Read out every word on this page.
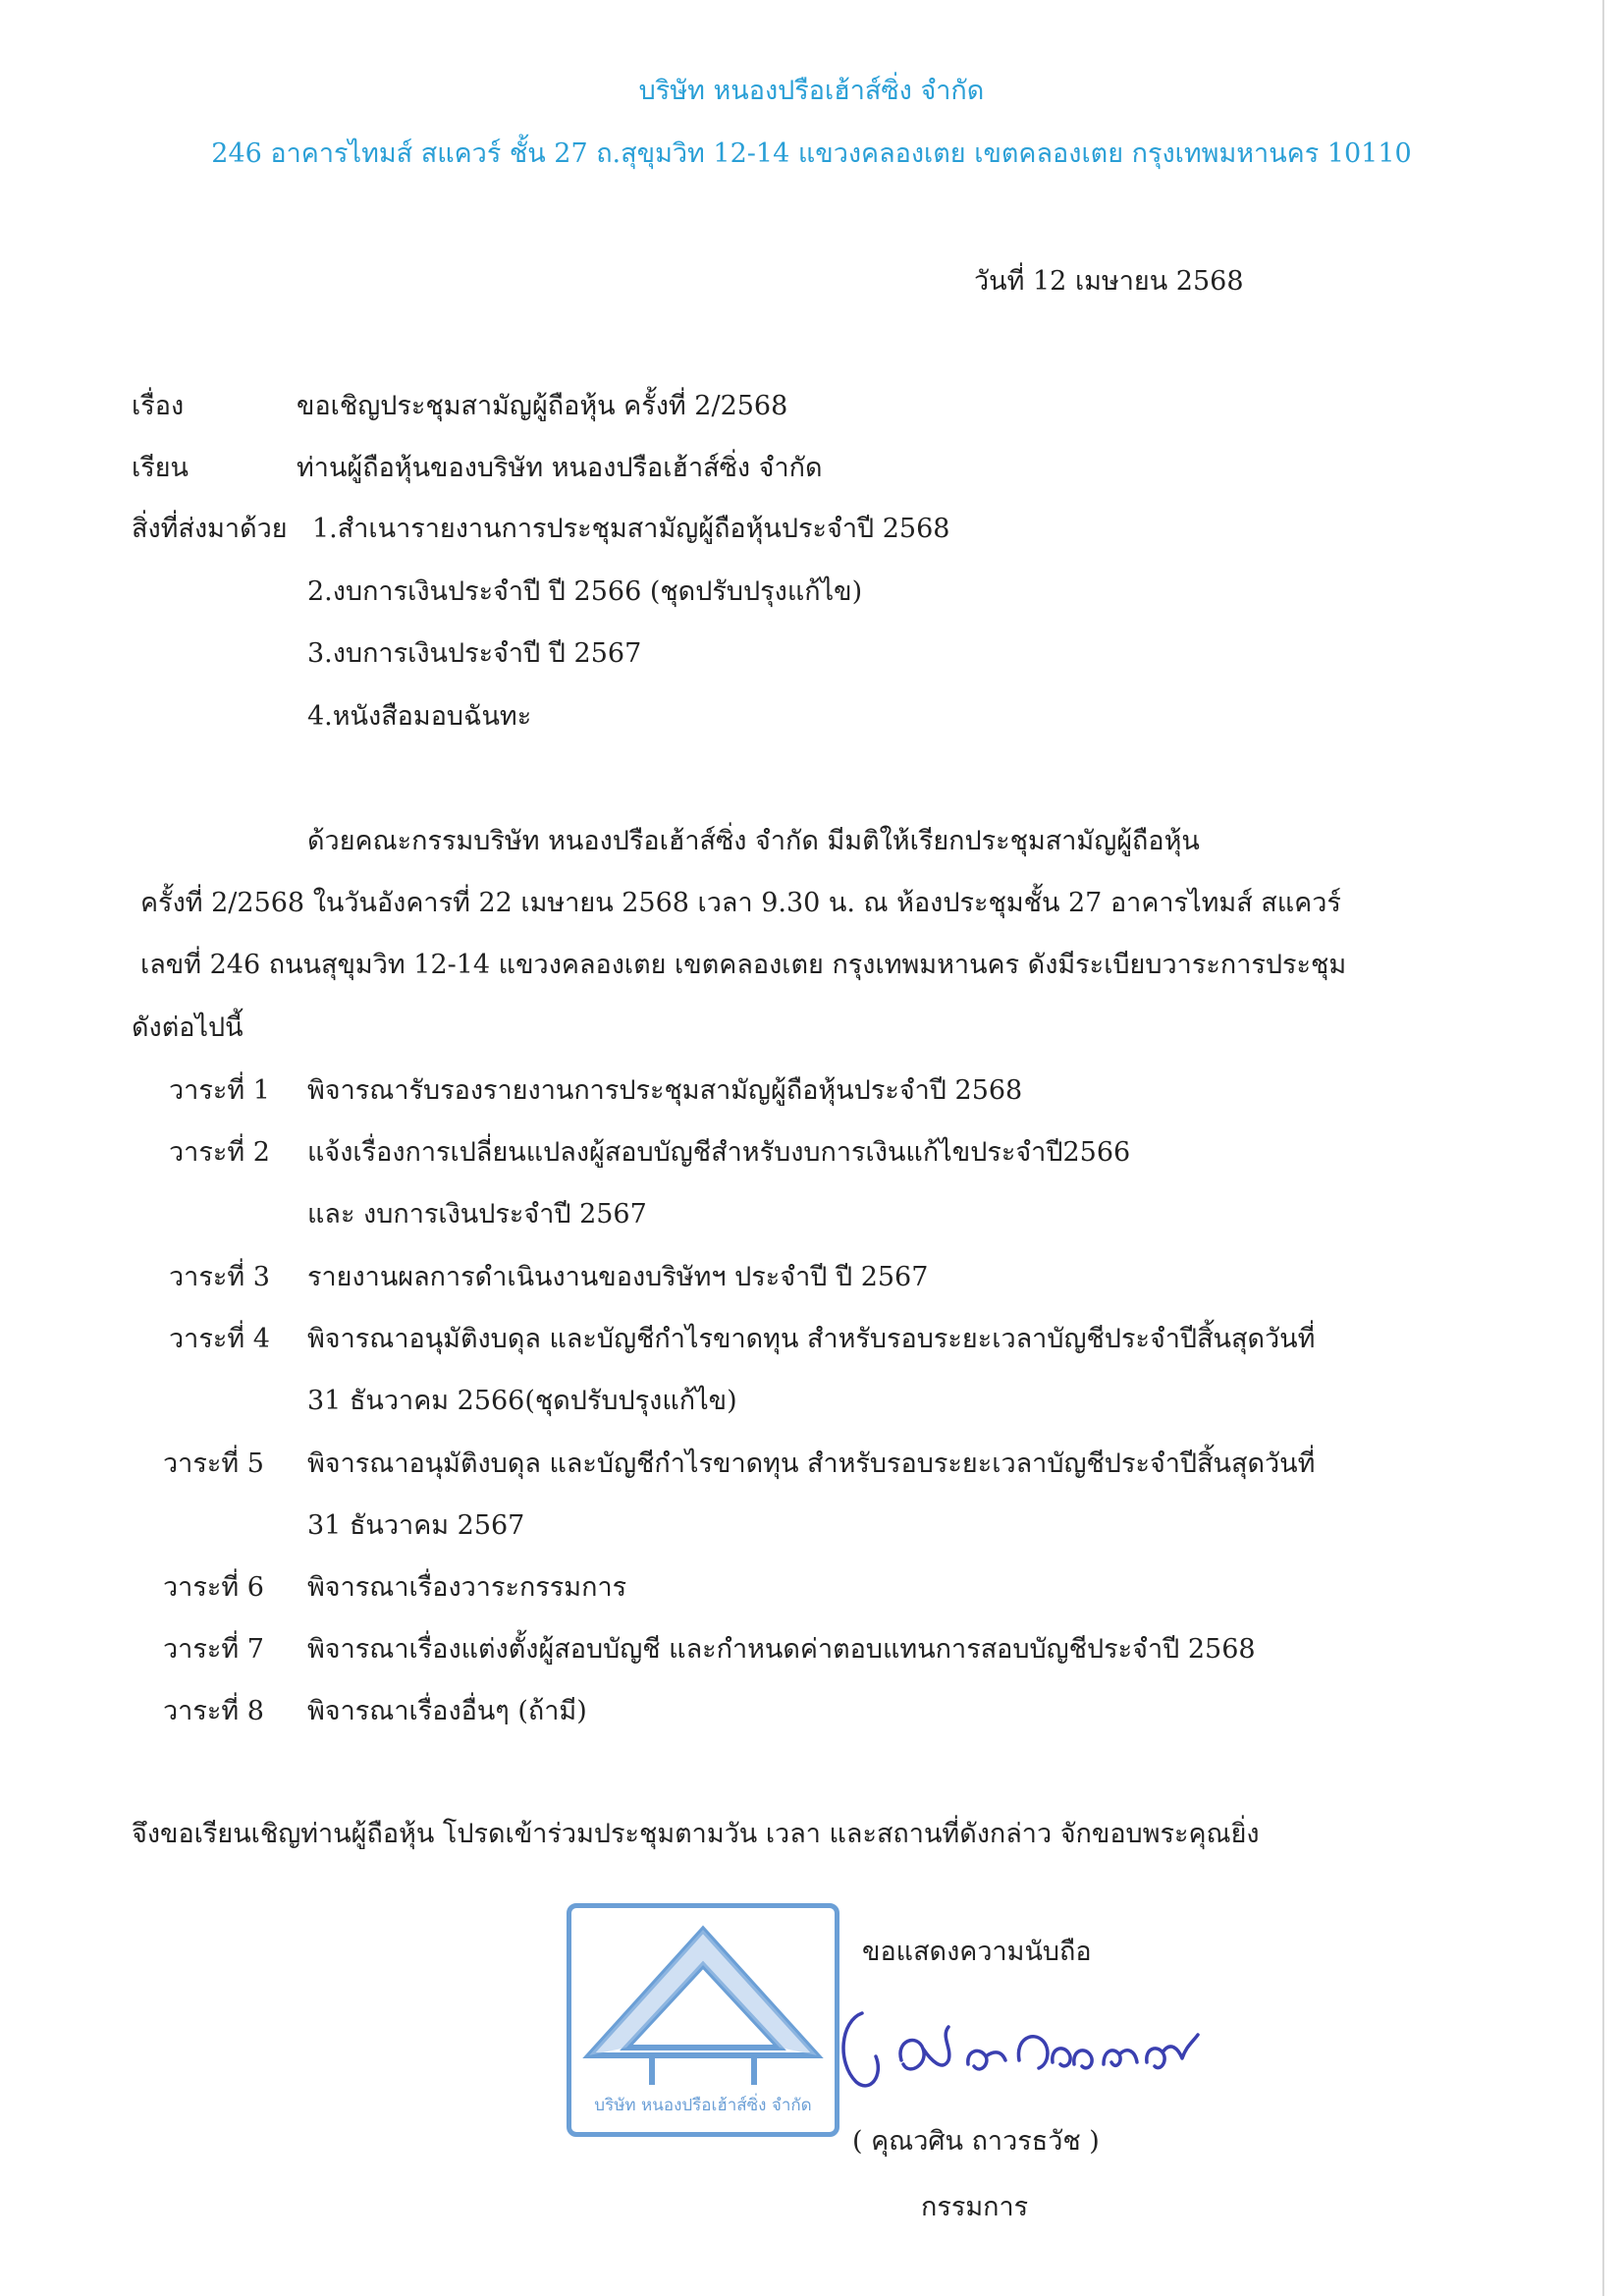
บริษัท หนองปรือเฮ้าส์ซิ่ง จำกัด
246 อาคารไทมส์ สแควร์ ชั้น 27 ถ.สุขุมวิท 12-14 แขวงคลองเตย เขตคลองเตย กรุงเทพมหานคร 10110
วันที่ 12 เมษายน 2568
เรื่อง	ขอเชิญประชุมสามัญผู้ถือหุ้น ครั้งที่ 2/2568
เรียน	ท่านผู้ถือหุ้นของบริษัท หนองปรือเฮ้าส์ซิ่ง จำกัด
สิ่งที่ส่งมาด้วย 1.สำเนารายงานการประชุมสามัญผู้ถือหุ้นประจำปี 2568
2.งบการเงินประจำปี ปี 2566 (ชุดปรับปรุงแก้ไข)
3.งบการเงินประจำปี ปี 2567
4.หนังสือมอบฉันทะ
ด้วยคณะกรรมบริษัท หนองปรือเฮ้าส์ซิ่ง จำกัด มีมติให้เรียกประชุมสามัญผู้ถือหุ้น
ครั้งที่ 2/2568 ในวันอังคารที่ 22 เมษายน 2568 เวลา 9.30 น. ณ ห้องประชุมชั้น 27 อาคารไทมส์ สแควร์
เลขที่ 246 ถนนสุขุมวิท 12-14 แขวงคลองเตย เขตคลองเตย กรุงเทพมหานคร ดังมีระเบียบวาระการประชุม
ดังต่อไปนี้
วาระที่ 1 พิจารณารับรองรายงานการประชุมสามัญผู้ถือหุ้นประจำปี 2568
วาระที่ 2 แจ้งเรื่องการเปลี่ยนแปลงผู้สอบบัญชีสำหรับงบการเงินแก้ไขประจำปี2566
และ งบการเงินประจำปี 2567
วาระที่ 3 รายงานผลการดำเนินงานของบริษัทฯ ประจำปี ปี 2567
วาระที่ 4 พิจารณาอนุมัติงบดุล และบัญชีกำไรขาดทุน สำหรับรอบระยะเวลาบัญชีประจำปีสิ้นสุดวันที่
31 ธันวาคม 2566(ชุดปรับปรุงแก้ไข)
วาระที่ 5 พิจารณาอนุมัติงบดุล และบัญชีกำไรขาดทุน สำหรับรอบระยะเวลาบัญชีประจำปีสิ้นสุดวันที่
31 ธันวาคม 2567
วาระที่ 6 พิจารณาเรื่องวาระกรรมการ
วาระที่ 7 พิจารณาเรื่องแต่งตั้งผู้สอบบัญชี และกำหนดค่าตอบแทนการสอบบัญชีประจำปี 2568
วาระที่ 8 พิจารณาเรื่องอื่นๆ (ถ้ามี)
จึงขอเรียนเชิญท่านผู้ถือหุ้น โปรดเข้าร่วมประชุมตามวัน เวลา และสถานที่ดังกล่าว จักขอบพระคุณยิ่ง
บริษัท หนองปรือเฮ้าส์ซิ่ง จำกัด
ขอแสดงความนับถือ
( คุณวศิน ถาวรธวัช )
กรรมการ
